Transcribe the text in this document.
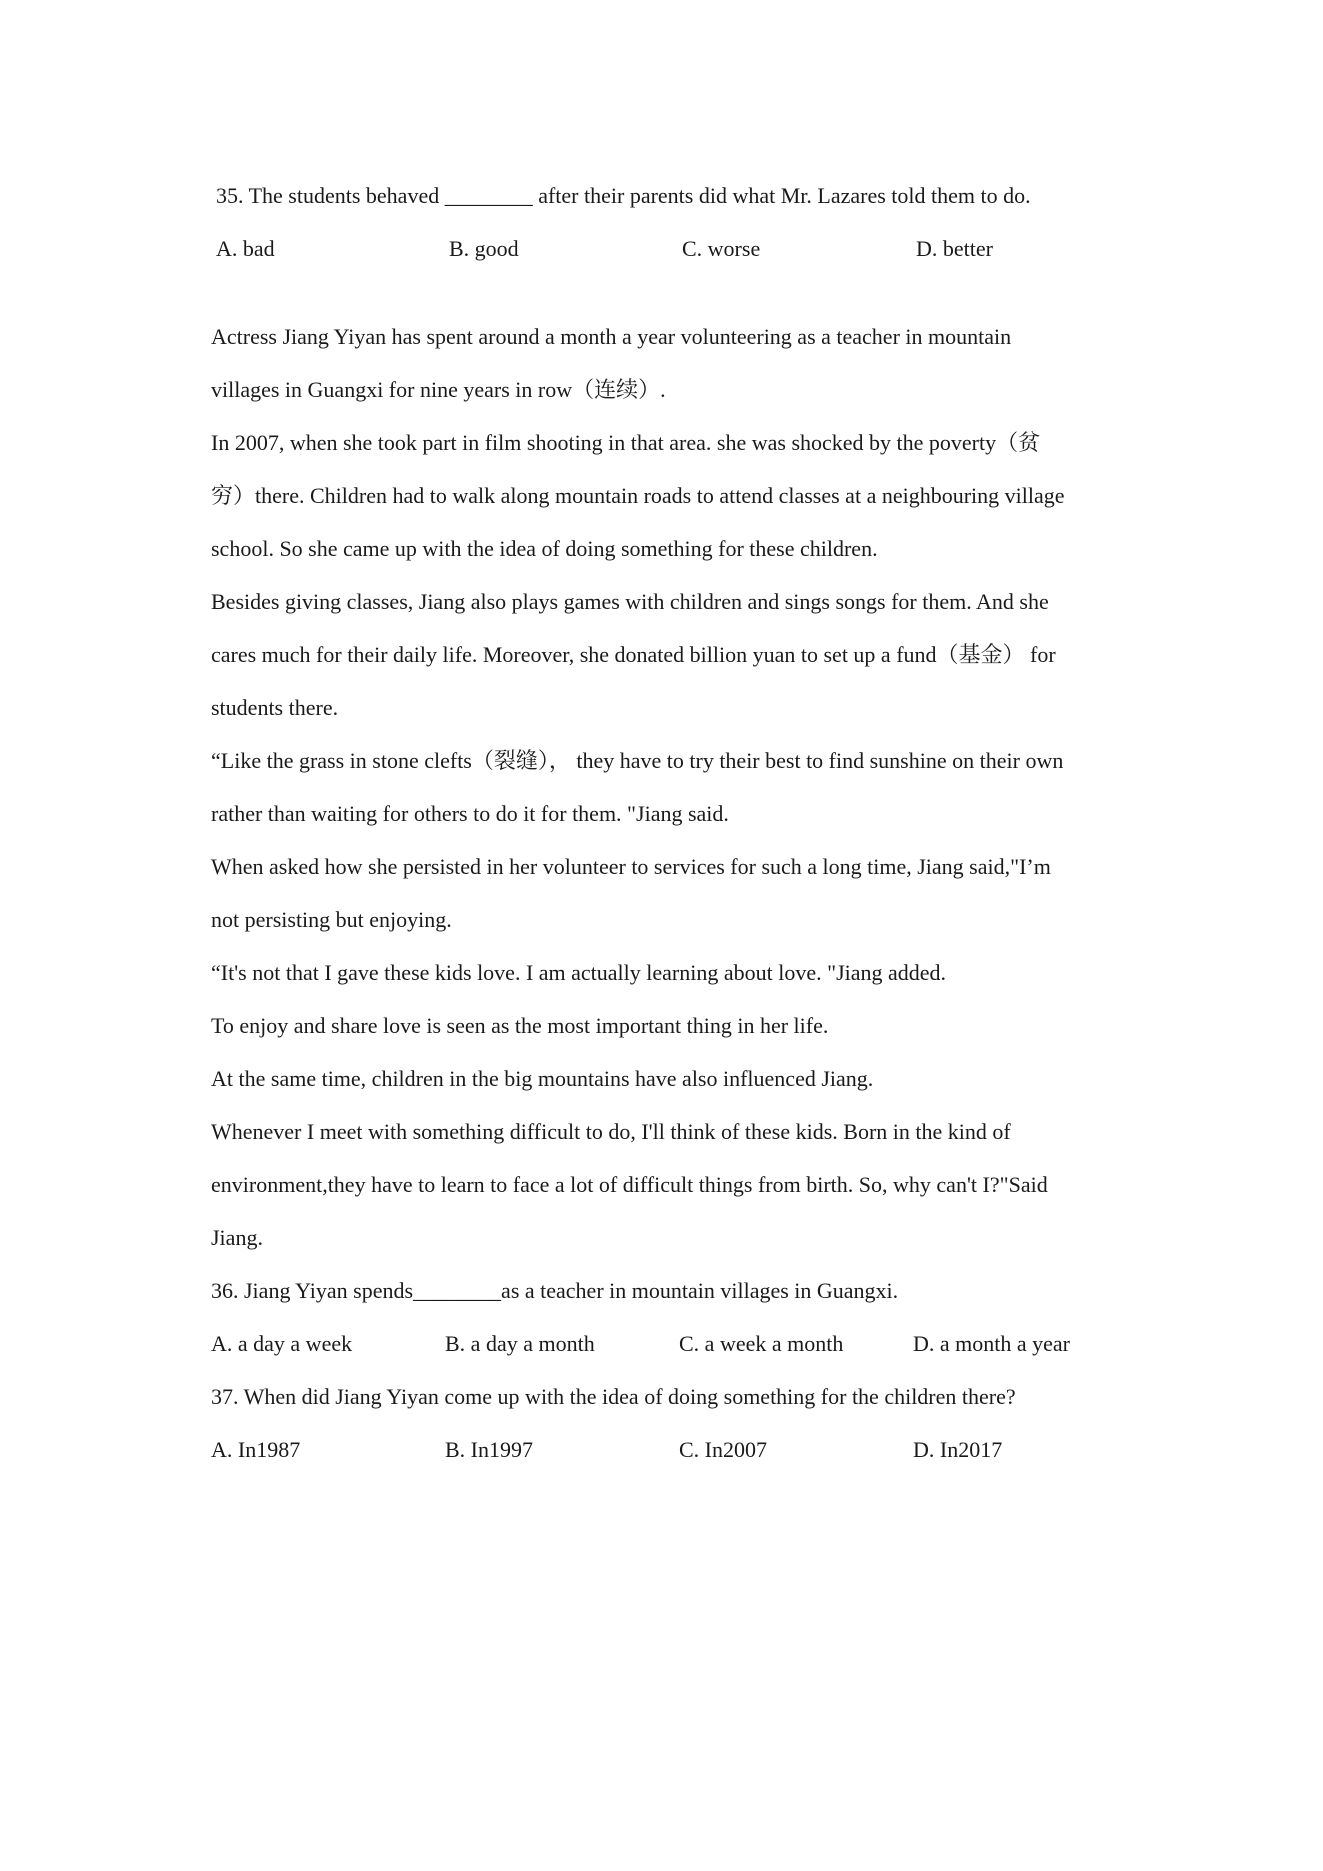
35. The students behaved ________ after their parents did what Mr. Lazares told them to do.
A. bad	B. good	C. worse	D. better
Actress Jiang Yiyan has spent around a month a year volunteering as a teacher in mountain
villages in Guangxi for nine years in row（连续）.
In 2007, when she took part in film shooting in that area. she was shocked by the poverty（贫
穷）there. Children had to walk along mountain roads to attend classes at a neighbouring village
school. So she came up with the idea of doing something for these children.
Besides giving classes, Jiang also plays games with children and sings songs for them. And she
cares much for their daily life. Moreover, she donated billion yuan to set up a fund（基金） for
students there.
“Like the grass in stone clefts（裂缝）， they have to try their best to find sunshine on their own
rather than waiting for others to do it for them. "Jiang said.
When asked how she persisted in her volunteer to services for such a long time, Jiang said,"I’m
not persisting but enjoying.
“It's not that I gave these kids love. I am actually learning about love. "Jiang added.
To enjoy and share love is seen as the most important thing in her life.
At the same time, children in the big mountains have also influenced Jiang.
Whenever I meet with something difficult to do, I'll think of these kids. Born in the kind of
environment,they have to learn to face a lot of difficult things from birth. So, why can't I?"Said
Jiang.
36. Jiang Yiyan spends________as a teacher in mountain villages in Guangxi.
A. a day a week	B. a day a month	C. a week a month	D. a month a year
37. When did Jiang Yiyan come up with the idea of doing something for the children there?
A. In1987	B. In1997	C. In2007	D. In2017
